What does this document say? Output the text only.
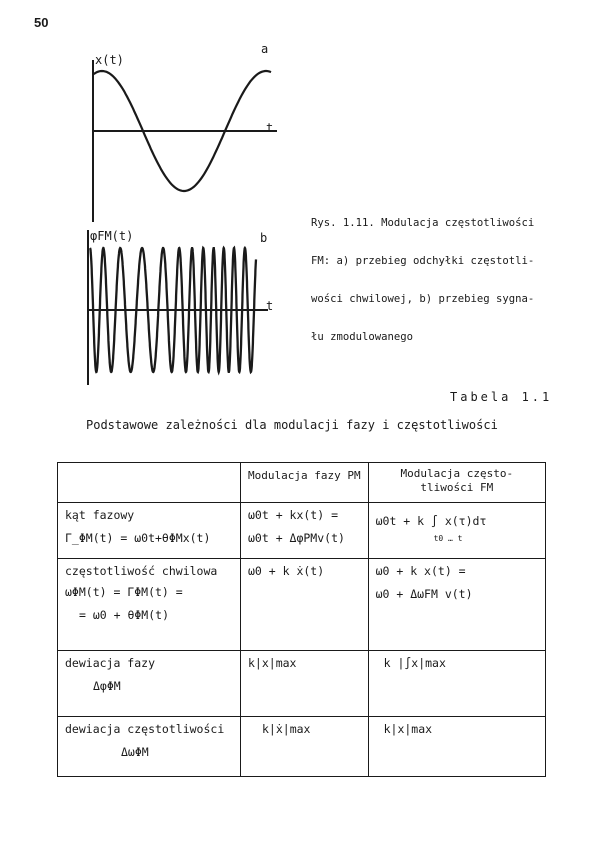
50
x(t)
t
a
φFM(t)
t
b

Rys. 1.11. Modulacja częstotliwości

FM: a) przebieg odchyłki częstotli-

wości chwilowej, b) przebieg sygna-

łu zmodulowanego

Tabela 1.1
Podstawowe zależności dla modulacji fazy i częstotliwości

	Modulacja fazy PM	Modulacja często-
tliwości FM

kąt fazowy
Γ_ΦM(t) = ω0t+θΦMx(t)	ω0t + kx(t) =
ω0t + ΔφPMv(t)	ω0t + k ∫ x(τ)dτ
t0 … t

częstotliwość chwilowa
ωΦM(t) = Γ̇ΦM(t) =
= ω0 + θ̇ΦM(t)	ω0 + k ẋ(t)	ω0 + k x(t) =
ω0 + ΔωFM v(t)

dewiacja fazy
ΔφΦM	k|x|max	k |∫x|max

dewiacja częstotliwości
ΔωΦM	k|ẋ|max	k|x|max
